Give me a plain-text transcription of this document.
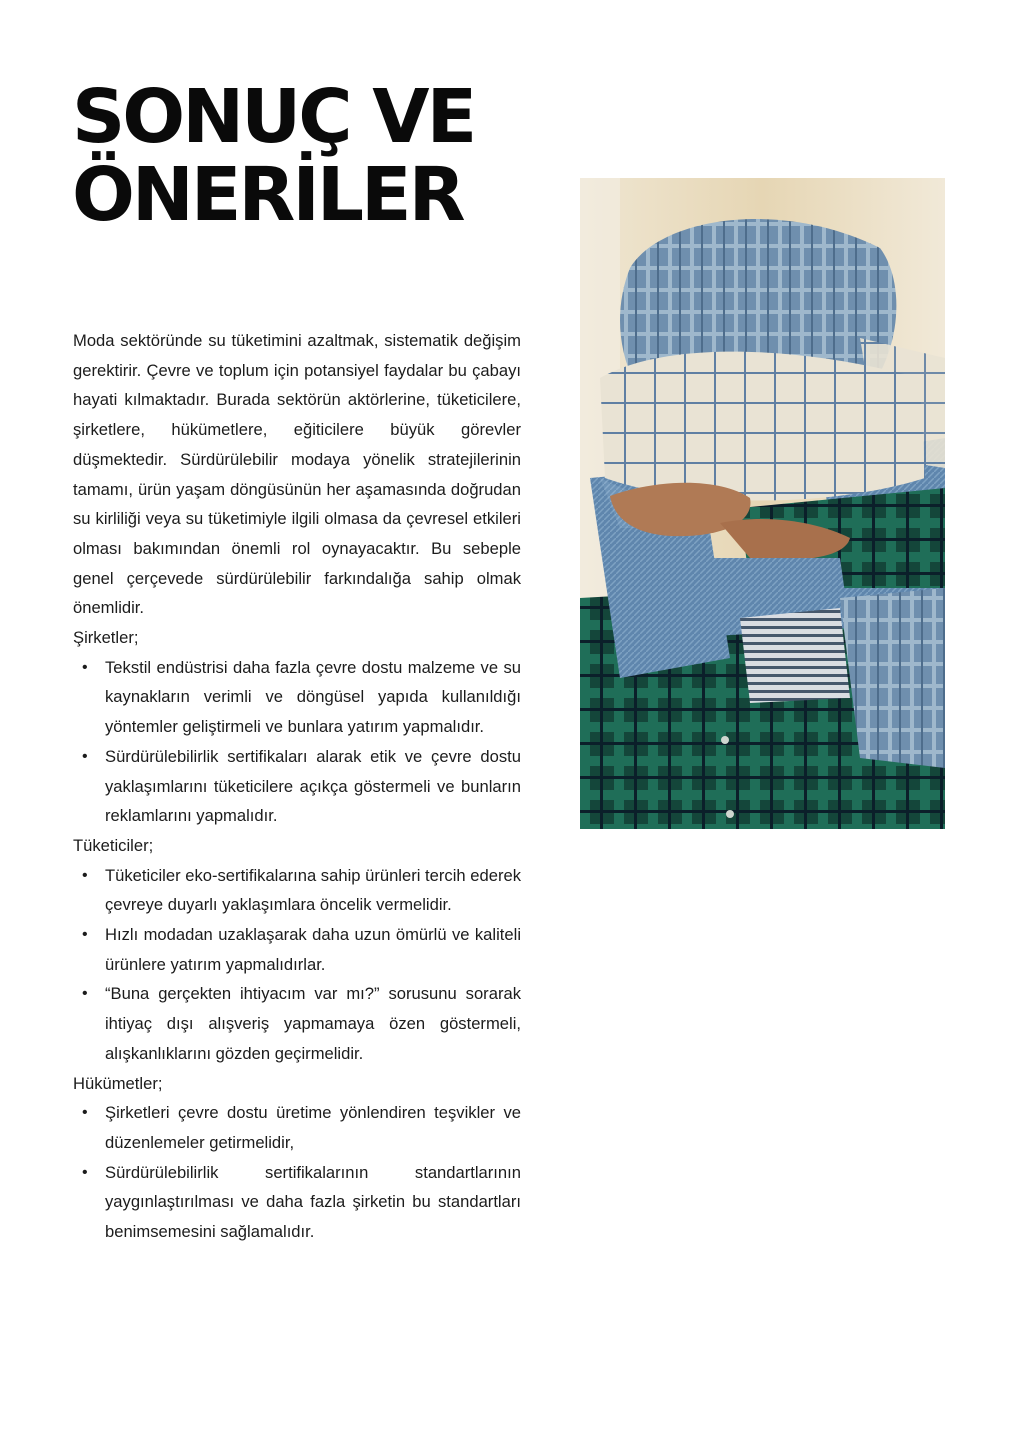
SONUÇ VE
ÖNERİLER

Moda sektöründe su tüketimini azaltmak, sistematik değişim gerektirir. Çevre ve toplum için potansiyel faydalar bu çabayı hayati kılmaktadır. Burada sektörün aktörlerine, tüketicilere, şirketlere, hükümetlere, eğiticilere büyük görevler düşmektedir. Sürdürülebilir modaya yönelik stratejilerinin tamamı, ürün yaşam döngüsünün her aşamasında doğrudan su kirliliği veya su tüketimiyle ilgili olmasa da çevresel etkileri olması bakımından önemli rol oynayacaktır. Bu sebeple genel çerçevede sürdürülebilir farkındalığa sahip olmak önemlidir.

Şirketler;

• Tekstil endüstrisi daha fazla çevre dostu malzeme ve su kaynakların verimli ve döngüsel yapıda kullanıldığı yöntemler geliştirmeli ve bunlara yatırım yapmalıdır.
• Sürdürülebilirlik sertifikaları alarak etik ve çevre dostu yaklaşımlarını tüketicilere açıkça göstermeli ve bunların reklamlarını yapmalıdır.

Tüketiciler;

• Tüketiciler eko-sertifikalarına sahip ürünleri tercih ederek çevreye duyarlı yaklaşımlara öncelik vermelidir.
• Hızlı modadan uzaklaşarak daha uzun ömürlü ve kaliteli ürünlere yatırım yapmalıdırlar.
• “Buna gerçekten ihtiyacım var mı?” sorusunu sorarak ihtiyaç dışı alışveriş yapmamaya özen göstermeli, alışkanlıklarını gözden geçirmelidir.

Hükümetler;

• Şirketleri çevre dostu üretime yönlendiren teşvikler ve düzenlemeler getirmelidir,
• Sürdürülebilirlik sertifikalarının standartlarının yaygınlaştırılması ve daha fazla şirketin bu standartları benimsemesini sağlamalıdır.
